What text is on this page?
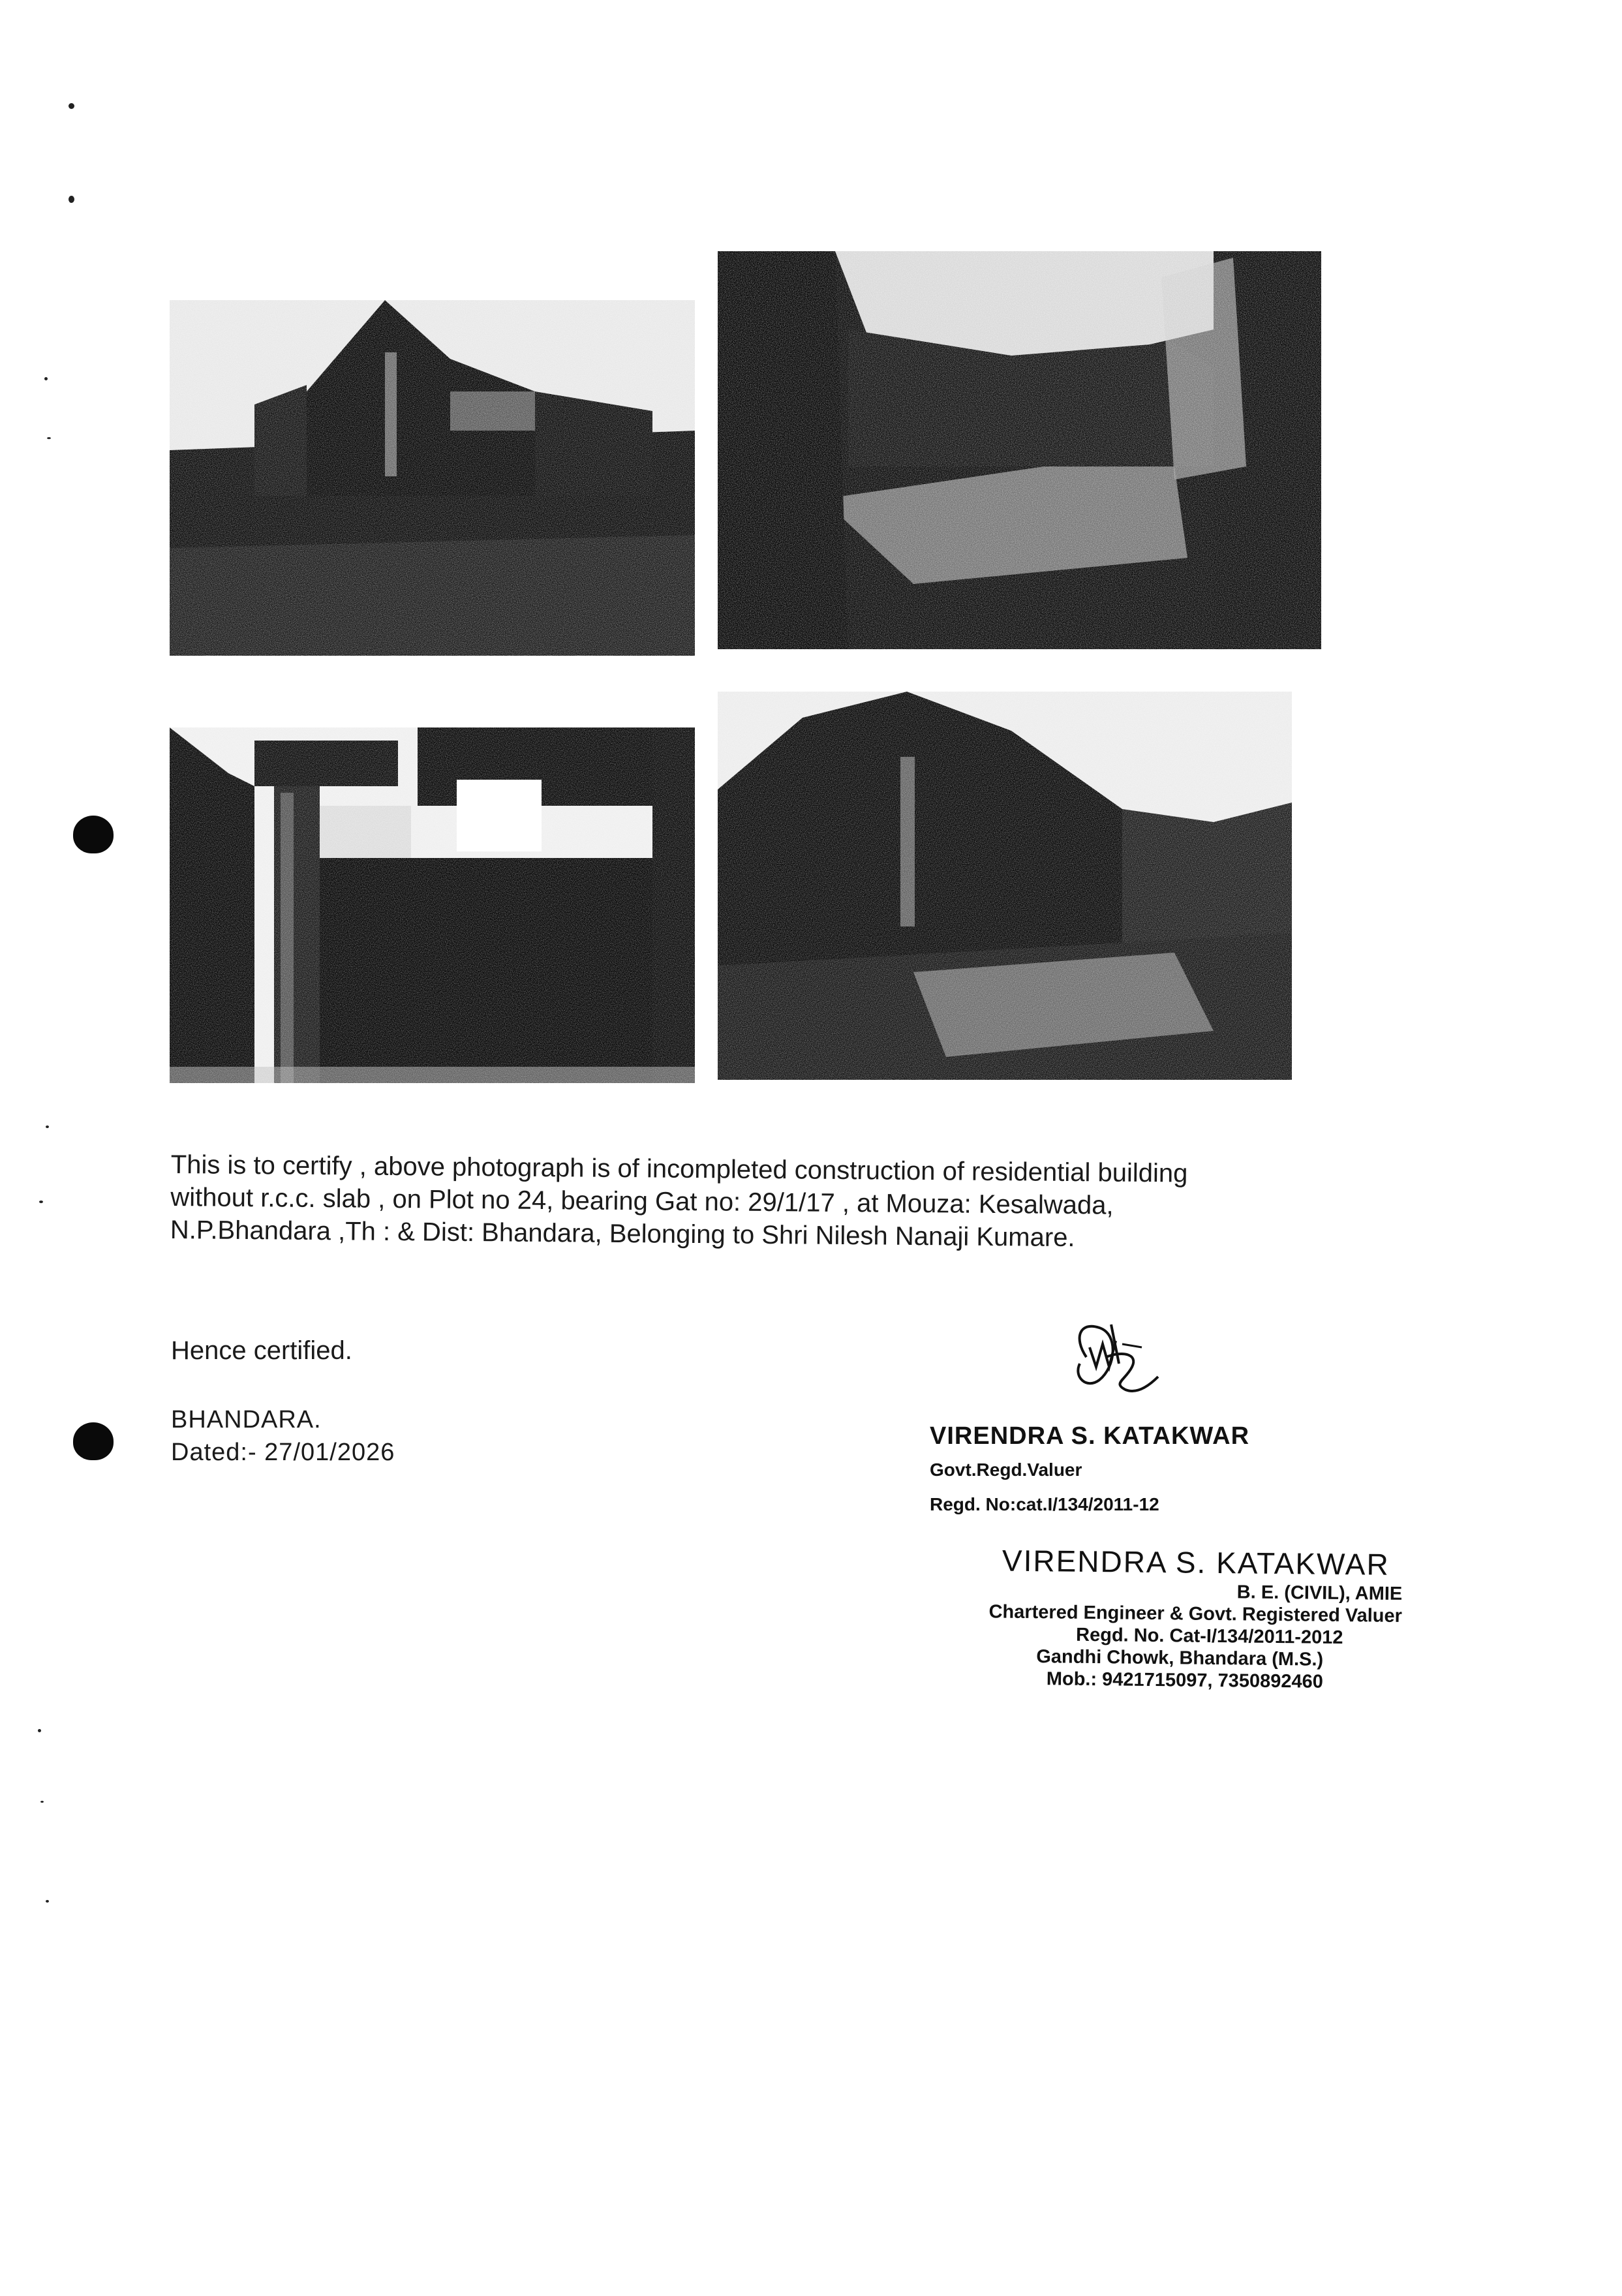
This is to certify , above photograph is of incompleted construction of residential building

without r.c.c. slab , on Plot no 24, bearing Gat no: 29/1/17 , at Mouza: Kesalwada,

N.P.Bhandara ,Th : & Dist: Bhandara, Belonging to Shri Nilesh Nanaji Kumare.

Hence certified.
BHANDARA.
Dated:- 27/01/2026
VIRENDRA S. KATAKWAR
Govt.Regd.Valuer
Regd. No:cat.I/134/2011-12
VIRENDRA S. KATAKWAR
B. E. (CIVIL), AMIE
Chartered Engineer & Govt. Registered Valuer
Regd. No. Cat-I/134/2011-2012
Gandhi Chowk, Bhandara (M.S.)
Mob.: 9421715097, 7350892460
